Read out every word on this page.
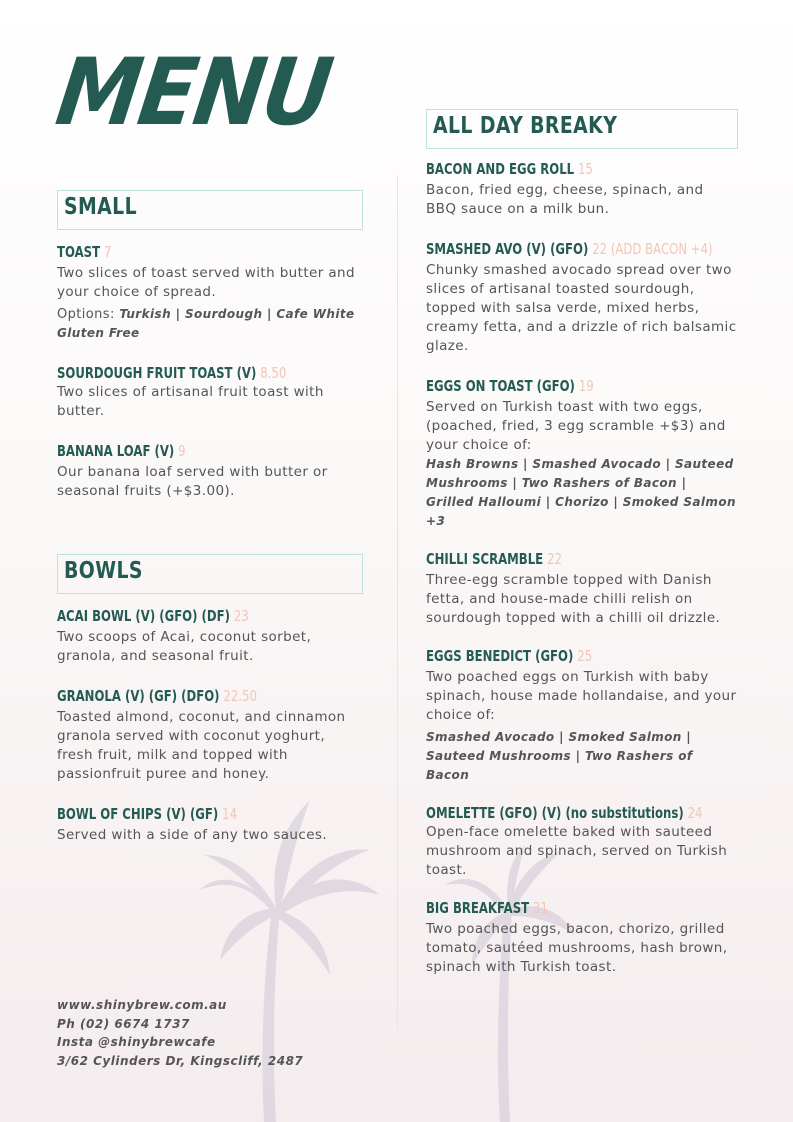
MENU
SMALL
TOAST 7

Two slices of toast served with butter and your choice of spread.

Options: Turkish | Sourdough | Cafe White Gluten Free

SOURDOUGH FRUIT TOAST (V) 8.50

Two slices of artisanal fruit toast with butter.

BANANA LOAF (V) 9

Our banana loaf served with butter or seasonal fruits (+$3.00).

BOWLS
ACAI BOWL (V) (GFO) (DF) 23

Two scoops of Acai, coconut sorbet, granola, and seasonal fruit.

GRANOLA (V) (GF) (DFO) 22.50

Toasted almond, coconut, and cinnamon granola served with coconut yoghurt, fresh fruit, milk and topped with passionfruit puree and honey.

BOWL OF CHIPS (V) (GF) 14

Served with a side of any two sauces.

ALL DAY BREAKY
BACON AND EGG ROLL 15

Bacon, fried egg, cheese, spinach, and BBQ sauce on a milk bun.

SMASHED AVO (V) (GFO) 22 (ADD BACON +4)

Chunky smashed avocado spread over two slices of artisanal toasted sourdough, topped with salsa verde, mixed herbs, creamy fetta, and a drizzle of rich balsamic glaze.

EGGS ON TOAST (GFO) 19

Served on Turkish toast with two eggs, (poached, fried, 3 egg scramble +$3) and your choice of:

Hash Browns | Smashed Avocado | Sauteed Mushrooms | Two Rashers of Bacon | Grilled Halloumi | Chorizo | Smoked Salmon +3

CHILLI SCRAMBLE 22

Three-egg scramble topped with Danish fetta, and house-made chilli relish on sourdough topped with a chilli oil drizzle.

EGGS BENEDICT (GFO) 25

Two poached eggs on Turkish with baby spinach, house made hollandaise, and your choice of:

Smashed Avocado | Smoked Salmon | Sauteed Mushrooms | Two Rashers of Bacon

OMELETTE (GFO) (V) (no substitutions) 24

Open-face omelette baked with sauteed mushroom and spinach, served on Turkish toast.

BIG BREAKFAST 31

Two poached eggs, bacon, chorizo, grilled tomato, sautéed mushrooms, hash brown, spinach with Turkish toast.

www.shinybrew.com.au
Ph (02) 6674 1737
Insta @shinybrewcafe
3/62 Cylinders Dr, Kingscliff, 2487
